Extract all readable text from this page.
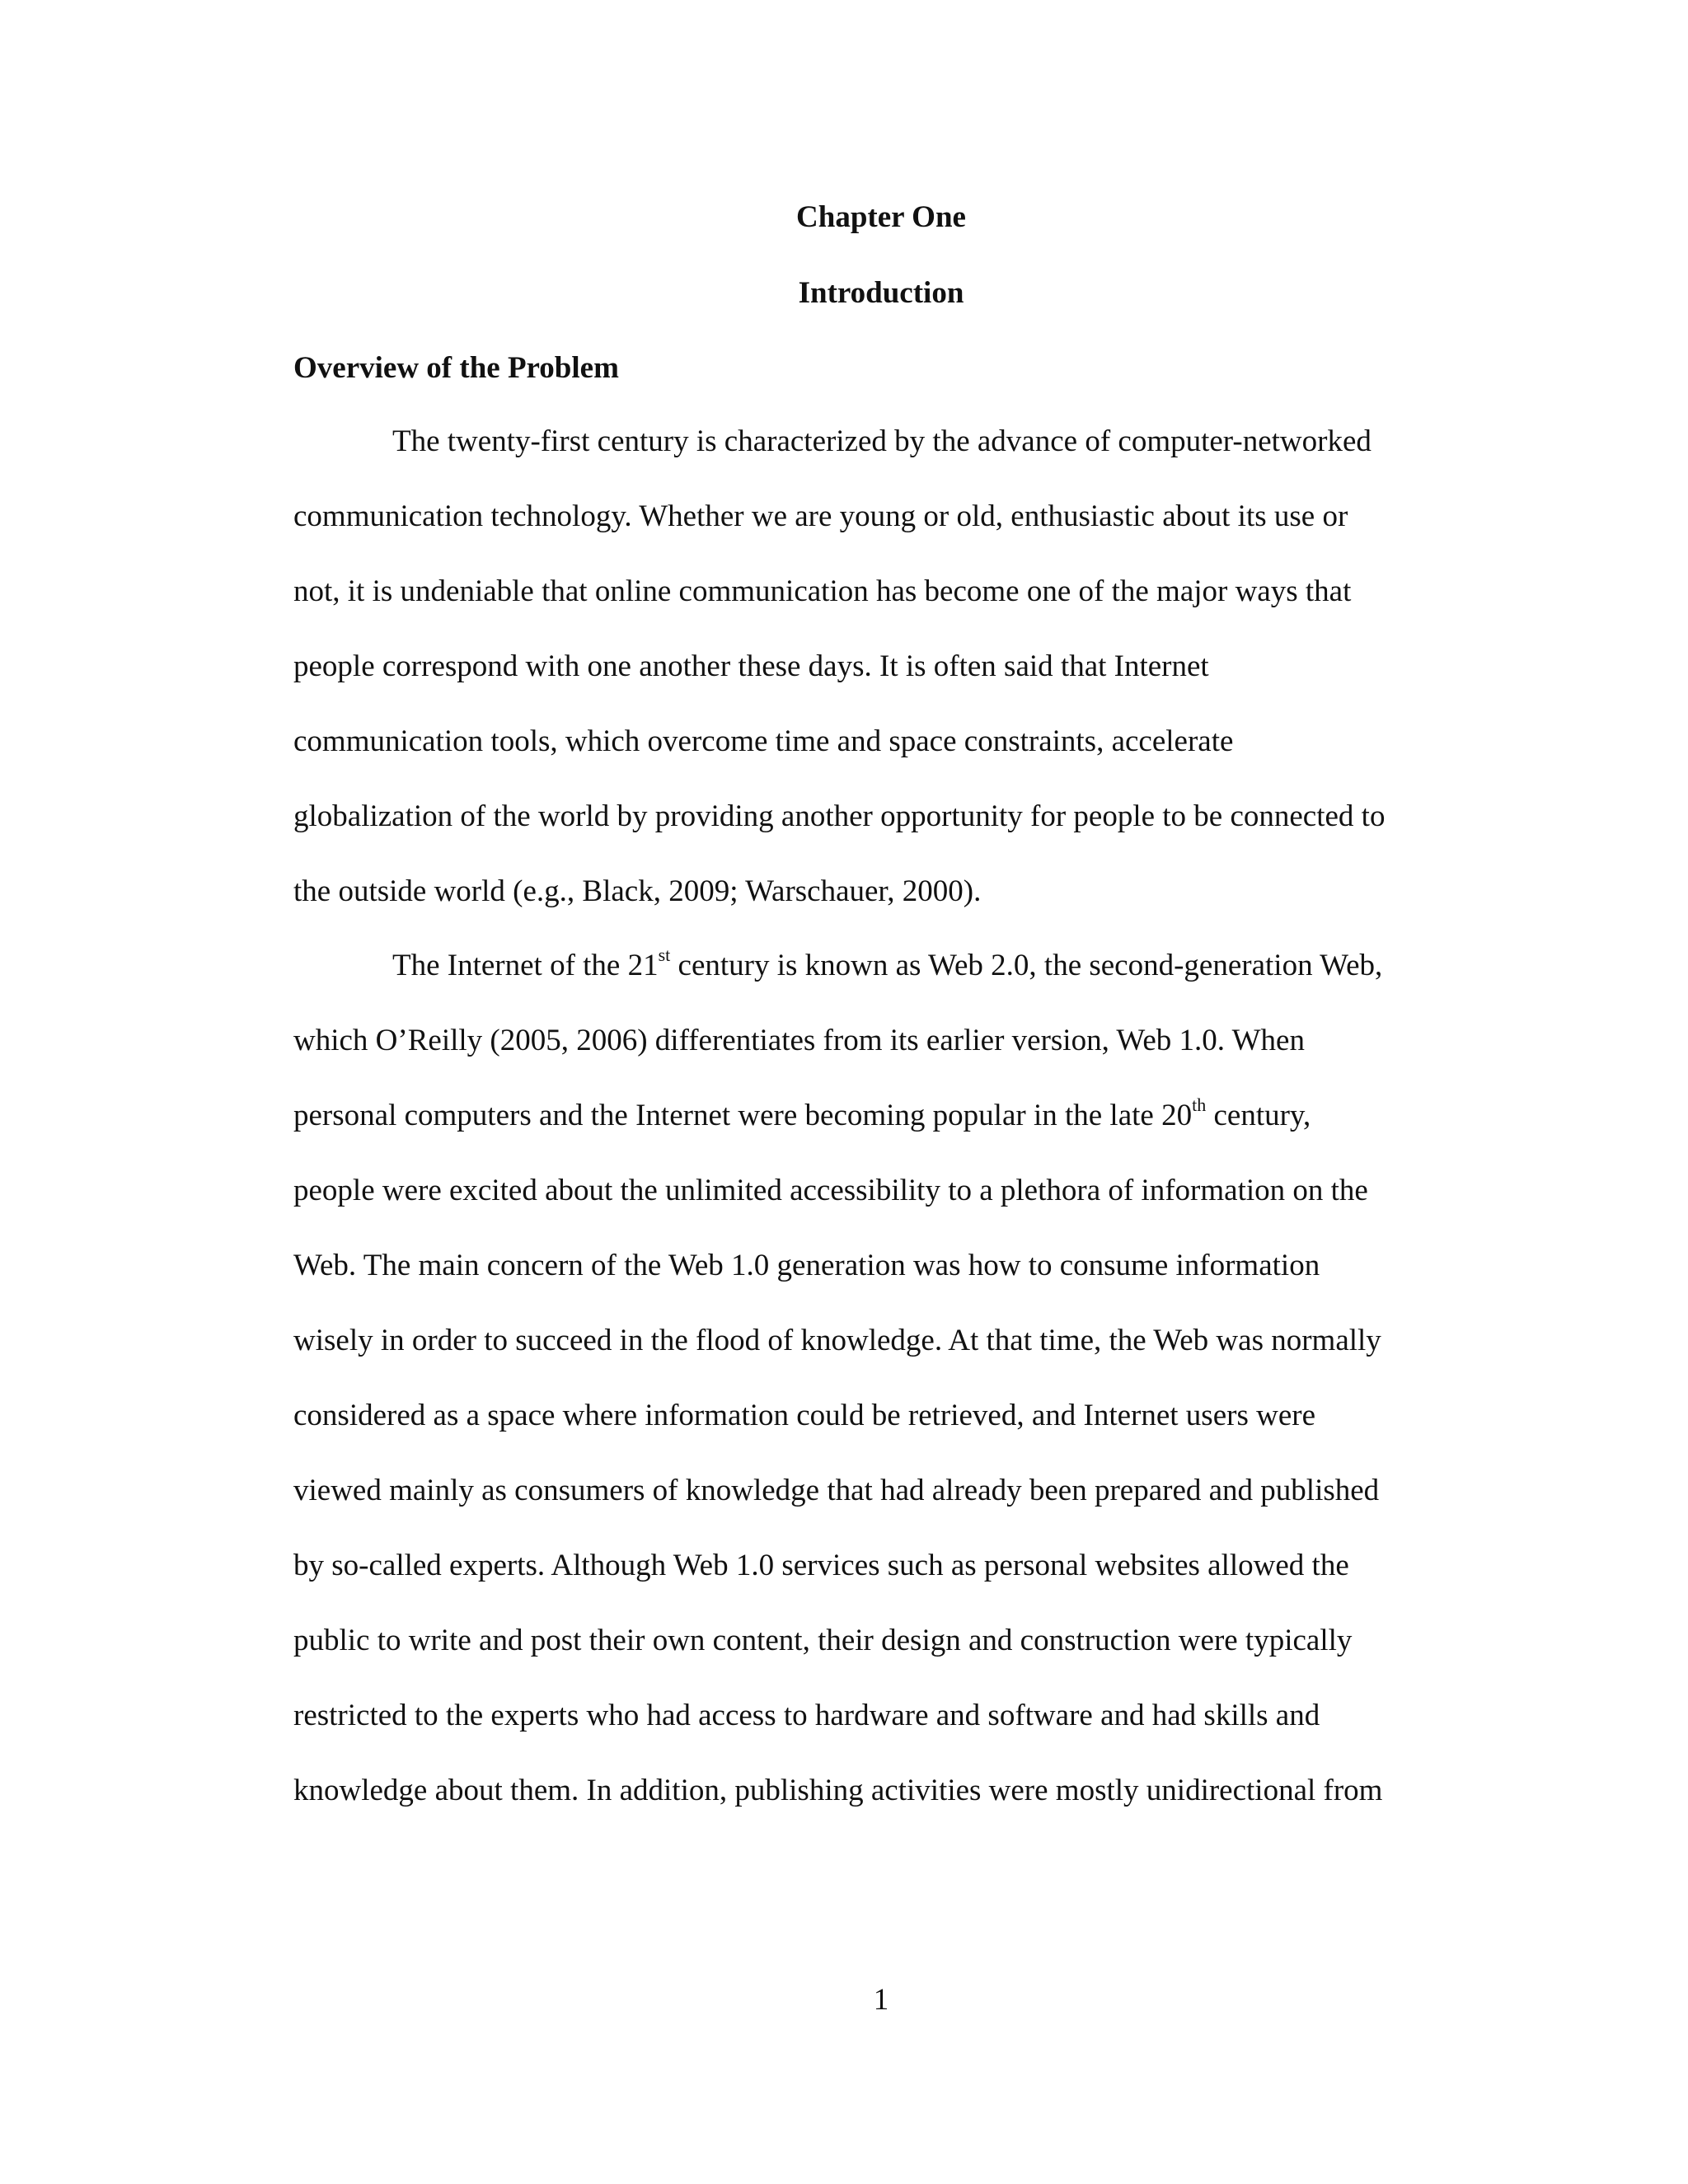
Chapter One
Introduction
Overview of the Problem
The twenty-first century is characterized by the advance of computer-networked
communication technology. Whether we are young or old, enthusiastic about its use or
not, it is undeniable that online communication has become one of the major ways that
people correspond with one another these days. It is often said that Internet
communication tools, which overcome time and space constraints, accelerate
globalization of the world by providing another opportunity for people to be connected to
the outside world (e.g., Black, 2009; Warschauer, 2000).
The Internet of the 21st century is known as Web 2.0, the second-generation Web,
which O’Reilly (2005, 2006) differentiates from its earlier version, Web 1.0. When
personal computers and the Internet were becoming popular in the late 20th century,
people were excited about the unlimited accessibility to a plethora of information on the
Web. The main concern of the Web 1.0 generation was how to consume information
wisely in order to succeed in the flood of knowledge. At that time, the Web was normally
considered as a space where information could be retrieved, and Internet users were
viewed mainly as consumers of knowledge that had already been prepared and published
by so-called experts. Although Web 1.0 services such as personal websites allowed the
public to write and post their own content, their design and construction were typically
restricted to the experts who had access to hardware and software and had skills and
knowledge about them. In addition, publishing activities were mostly unidirectional from

1
